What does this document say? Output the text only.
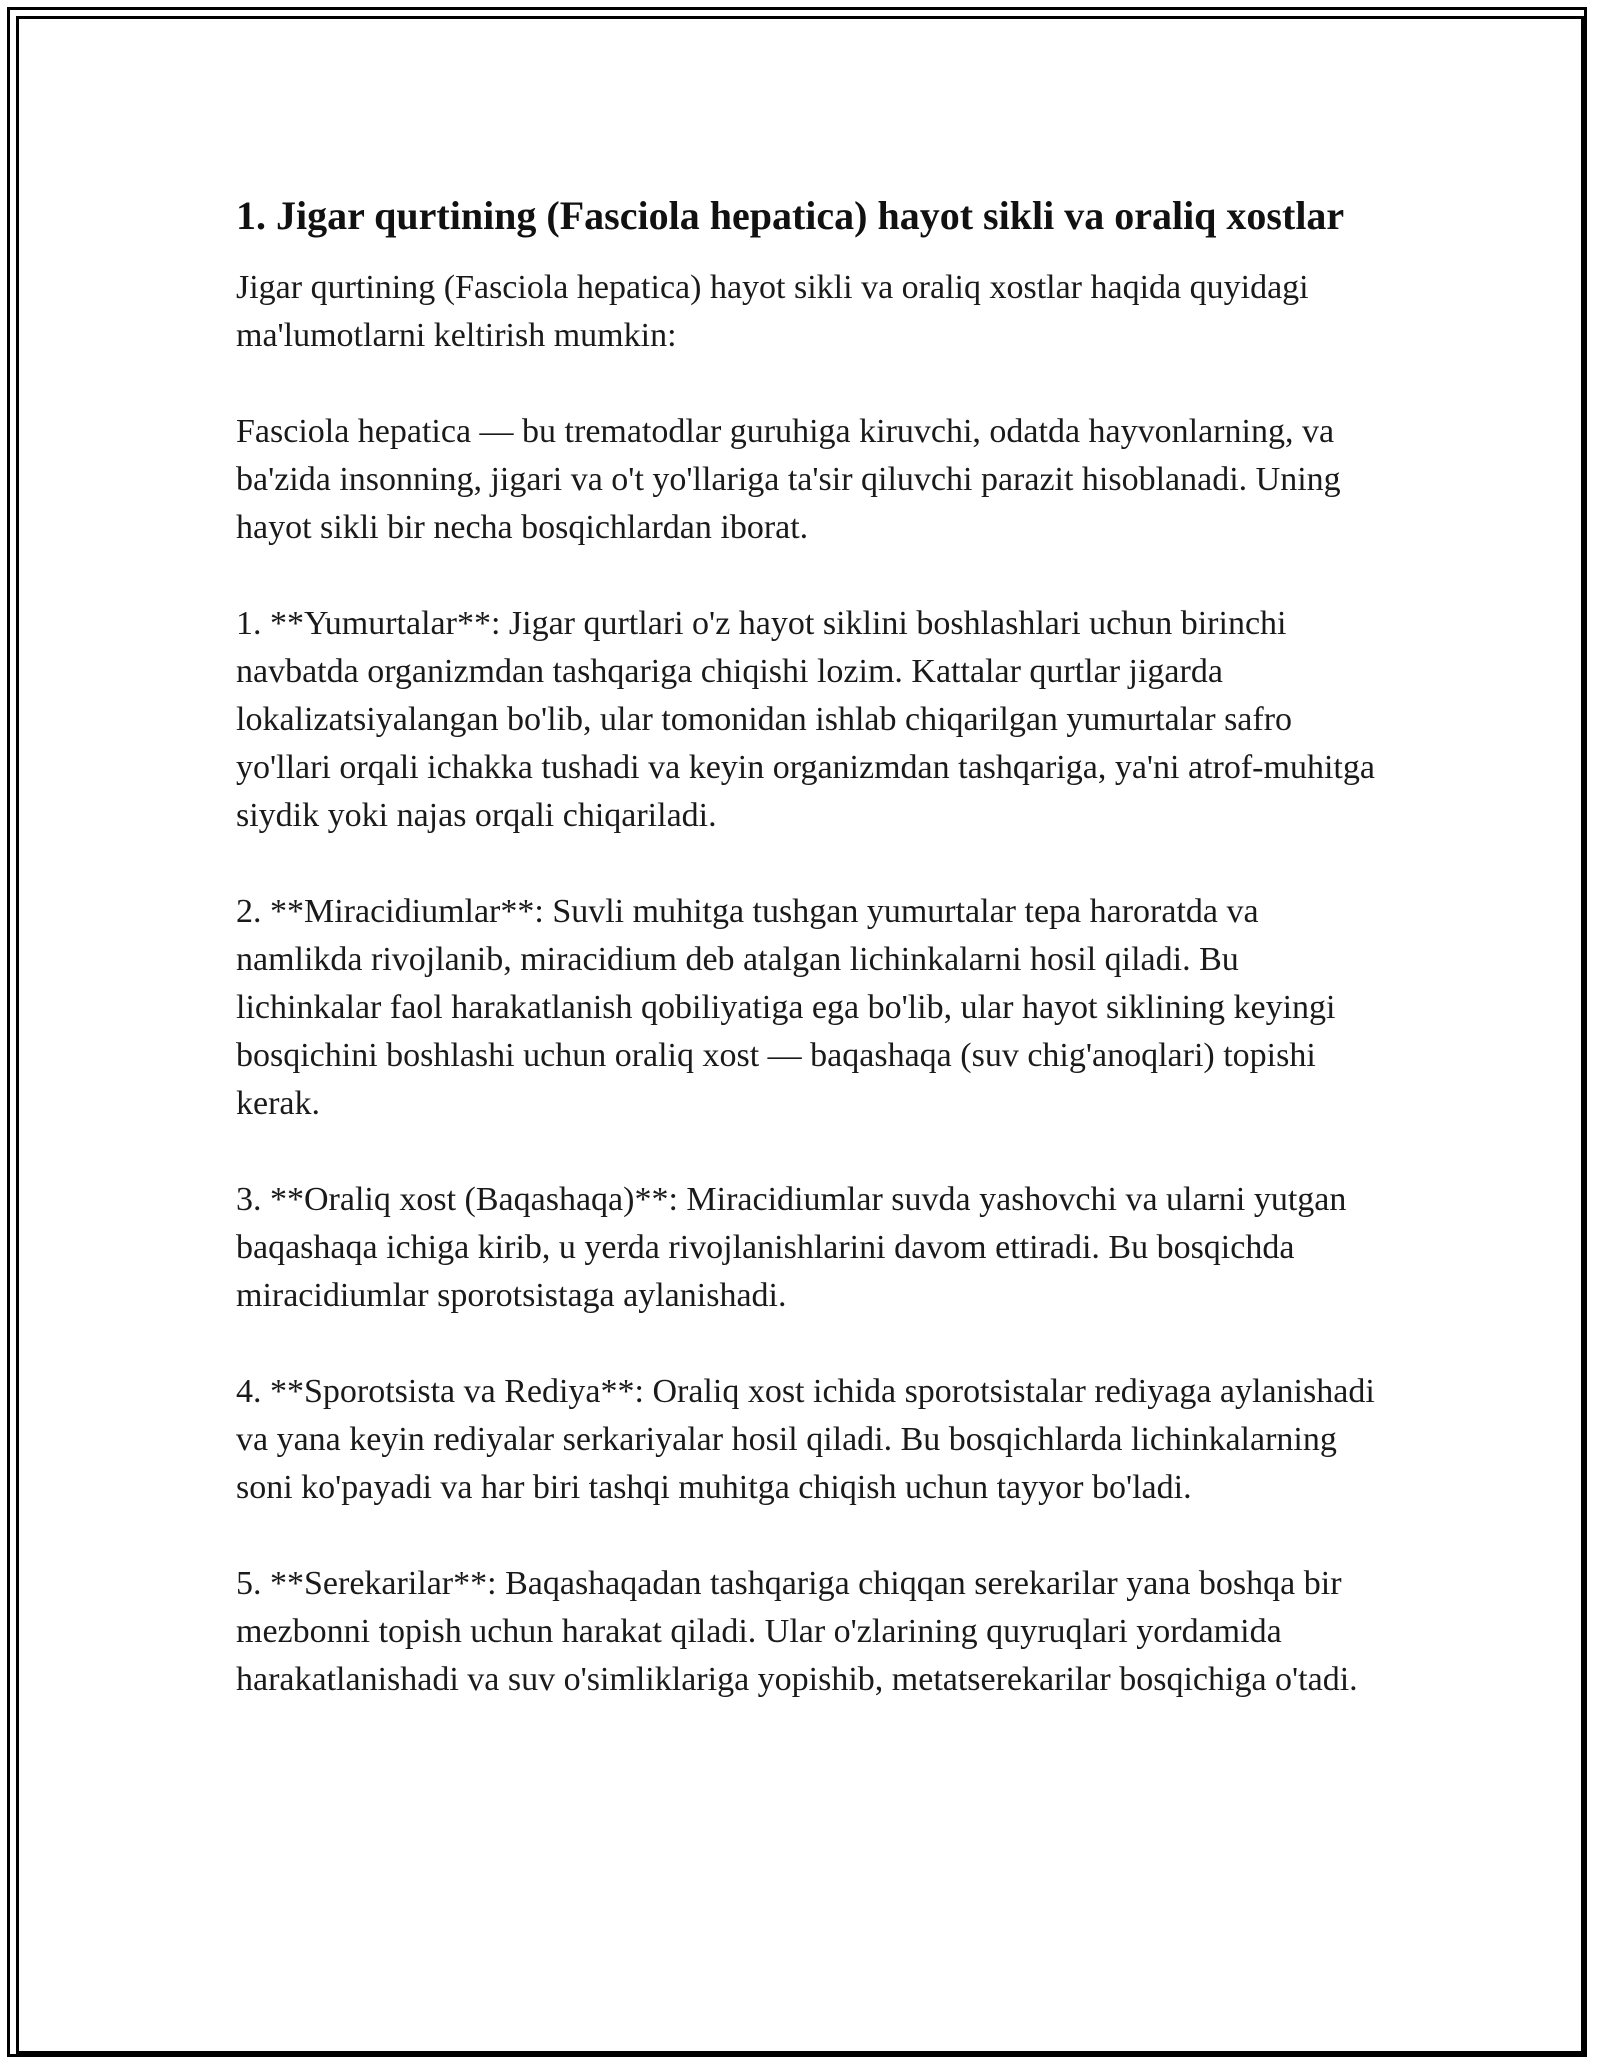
1. Jigar qurtining (Fasciola hepatica) hayot sikli va oraliq xostlar

Jigar qurtining (Fasciola hepatica) hayot sikli va oraliq xostlar haqida quyidagi ma'lumotlarni keltirish mumkin:

Fasciola hepatica — bu trematodlar guruhiga kiruvchi, odatda hayvonlarning, va ba'zida insonning, jigari va o't yo'llariga ta'sir qiluvchi parazit hisoblanadi. Uning hayot sikli bir necha bosqichlardan iborat.

1. **Yumurtalar**: Jigar qurtlari o'z hayot siklini boshlashlari uchun birinchi navbatda organizmdan tashqariga chiqishi lozim. Kattalar qurtlar jigarda lokalizatsiyalangan bo'lib, ular tomonidan ishlab chiqarilgan yumurtalar safro yo'llari orqali ichakka tushadi va keyin organizmdan tashqariga, ya'ni atrof-muhitga siydik yoki najas orqali chiqariladi.

2. **Miracidiumlar**: Suvli muhitga tushgan yumurtalar tepa haroratda va namlikda rivojlanib, miracidium deb atalgan lichinkalarni hosil qiladi. Bu lichinkalar faol harakatlanish qobiliyatiga ega bo'lib, ular hayot siklining keyingi bosqichini boshlashi uchun oraliq xost — baqashaqa (suv chig'anoqlari) topishi kerak.

3. **Oraliq xost (Baqashaqa)**: Miracidiumlar suvda yashovchi va ularni yutgan baqashaqa ichiga kirib, u yerda rivojlanishlarini davom ettiradi. Bu bosqichda miracidiumlar sporotsistaga aylanishadi.

4. **Sporotsista va Rediya**: Oraliq xost ichida sporotsistalar rediyaga aylanishadi va yana keyin rediyalar serkariyalar hosil qiladi. Bu bosqichlarda lichinkalarning soni ko'payadi va har biri tashqi muhitga chiqish uchun tayyor bo'ladi.

5. **Serekarilar**: Baqashaqadan tashqariga chiqqan serekarilar yana boshqa bir mezbonni topish uchun harakat qiladi. Ular o'zlarining quyruqlari yordamida harakatlanishadi va suv o'simliklariga yopishib, metatserekarilar bosqichiga o'tadi.
